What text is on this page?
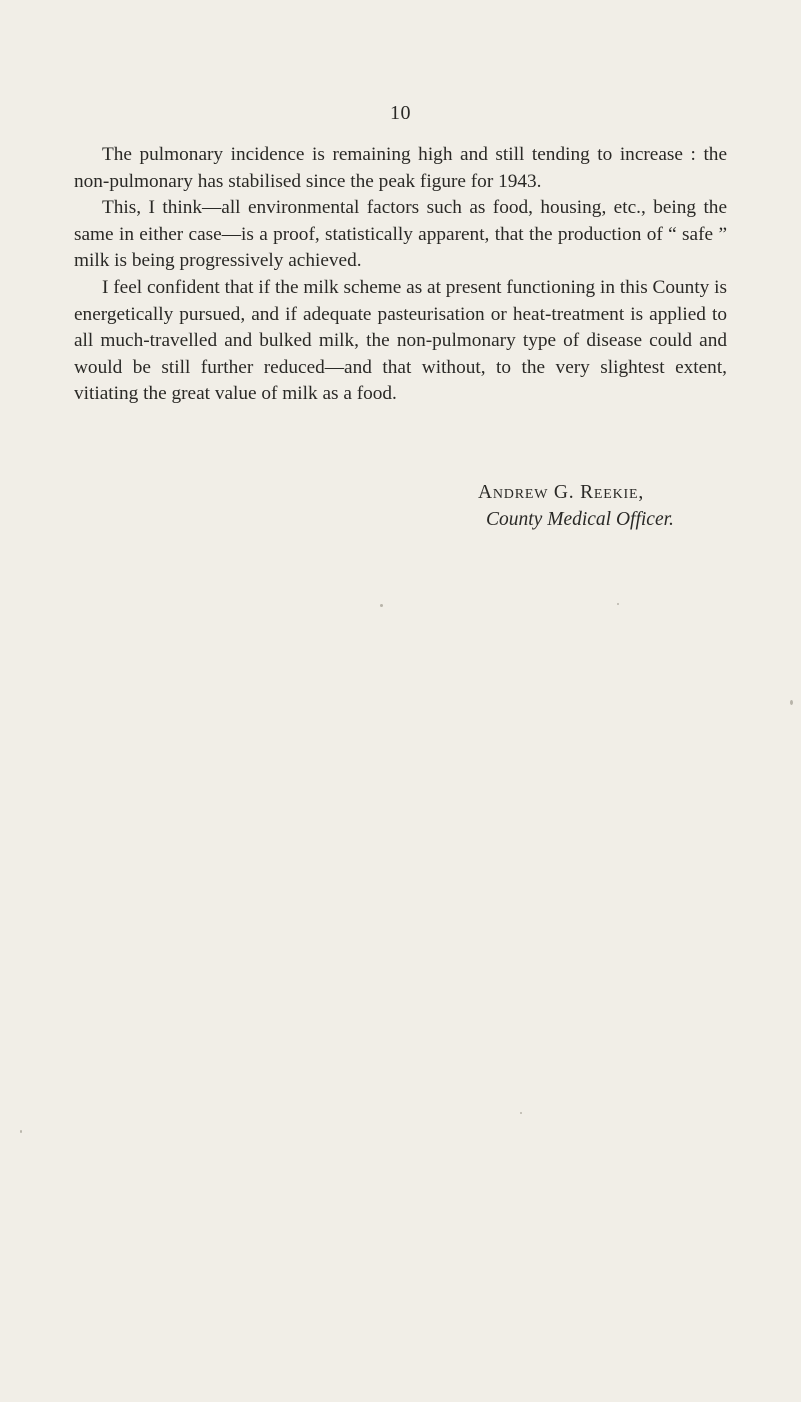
10

The pulmonary incidence is remaining high and still tending to increase : the non-pulmonary has stabilised since the peak figure for 1943.

This, I think—all environmental factors such as food, housing, etc., being the same in either case—is a proof, statistically apparent, that the production of “ safe ” milk is being progressively achieved.

I feel confident that if the milk scheme as at present functioning in this County is energetically pursued, and if adequate pasteurisation or heat-treatment is applied to all much-travelled and bulked milk, the non-pulmonary type of disease could and would be still further reduced—and that without, to the very slightest extent, vitiating the great value of milk as a food.

Andrew G. Reekie,
County Medical Officer.
